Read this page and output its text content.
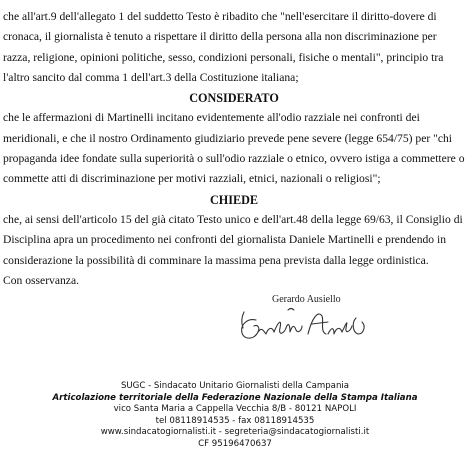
che all'art.9 dell'allegato 1 del suddetto Testo è ribadito che "nell'esercitare il diritto-dovere di
cronaca, il giornalista è tenuto a rispettare il diritto della persona alla non discriminazione per
razza, religione, opinioni politiche, sesso, condizioni personali, fisiche o mentali", principio tra
l'altro sancito dal comma 1 dell'art.3 della Costituzione italiana;

CONSIDERATO

che le affermazioni di Martinelli incitano evidentemente all'odio razziale nei confronti dei
meridionali, e che il nostro Ordinamento giudiziario prevede pene severe (legge 654/75) per "chi
propaganda idee fondate sulla superiorità o sull'odio razziale o etnico, ovvero istiga a commettere o
commette atti di discriminazione per motivi razziali, etnici, nazionali o religiosi";

CHIEDE

che, ai sensi dell'articolo 15 del già citato Testo unico e dell'art.48 della legge 69/63, il Consiglio di
Disciplina apra un procedimento nei confronti del giornalista Daniele Martinelli e prendendo in
considerazione la possibilità di comminare la massima pena prevista dalla legge ordinistica.

Con osservanza.

Gerardo Ausiello
SUGC - Sindacato Unitario Giornalisti della Campania
Articolazione territoriale della Federazione Nazionale della Stampa Italiana
vico Santa Maria a Cappella Vecchia 8/B - 80121 NAPOLI
tel 08118914535 - fax 08118914535
www.sindacatogiornalisti.it - segreteria@sindacatogiornalisti.it
CF 95196470637
